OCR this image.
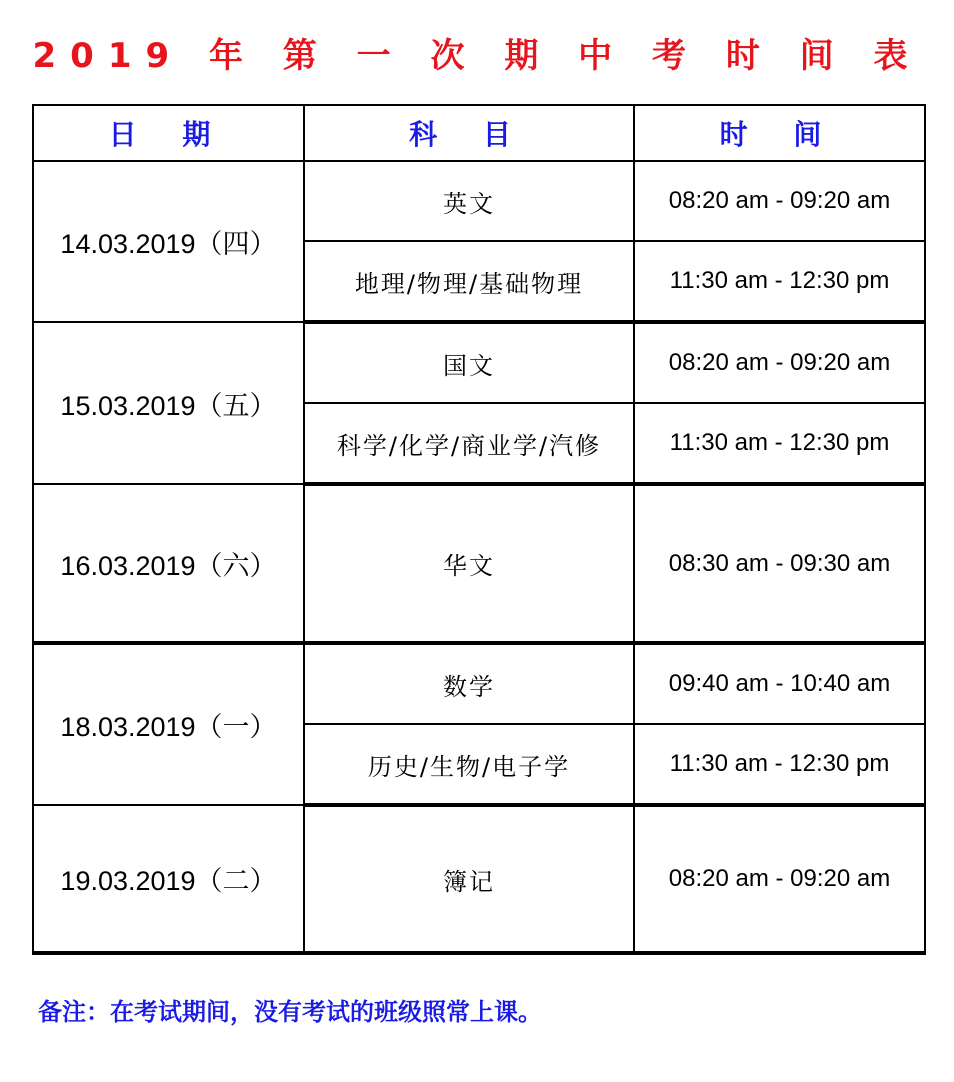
2019 年 第 一 次 期 中 考 时 间 表
日 期	科 目	时 间
14.03.2019（四）	英文	08:20 am - 09:20 am
	地理/物理/基础物理	11:30 am - 12:30 pm
15.03.2019（五）	国文	08:20 am - 09:20 am
	科学/化学/商业学/汽修	11:30 am - 12:30 pm
16.03.2019（六）	华文	08:30 am - 09:30 am
18.03.2019（一）	数学	09:40 am - 10:40 am
	历史/生物/电子学	11:30 am - 12:30 pm
19.03.2019（二）	簿记	08:20 am - 09:20 am
备注：在考试期间，没有考试的班级照常上课。
